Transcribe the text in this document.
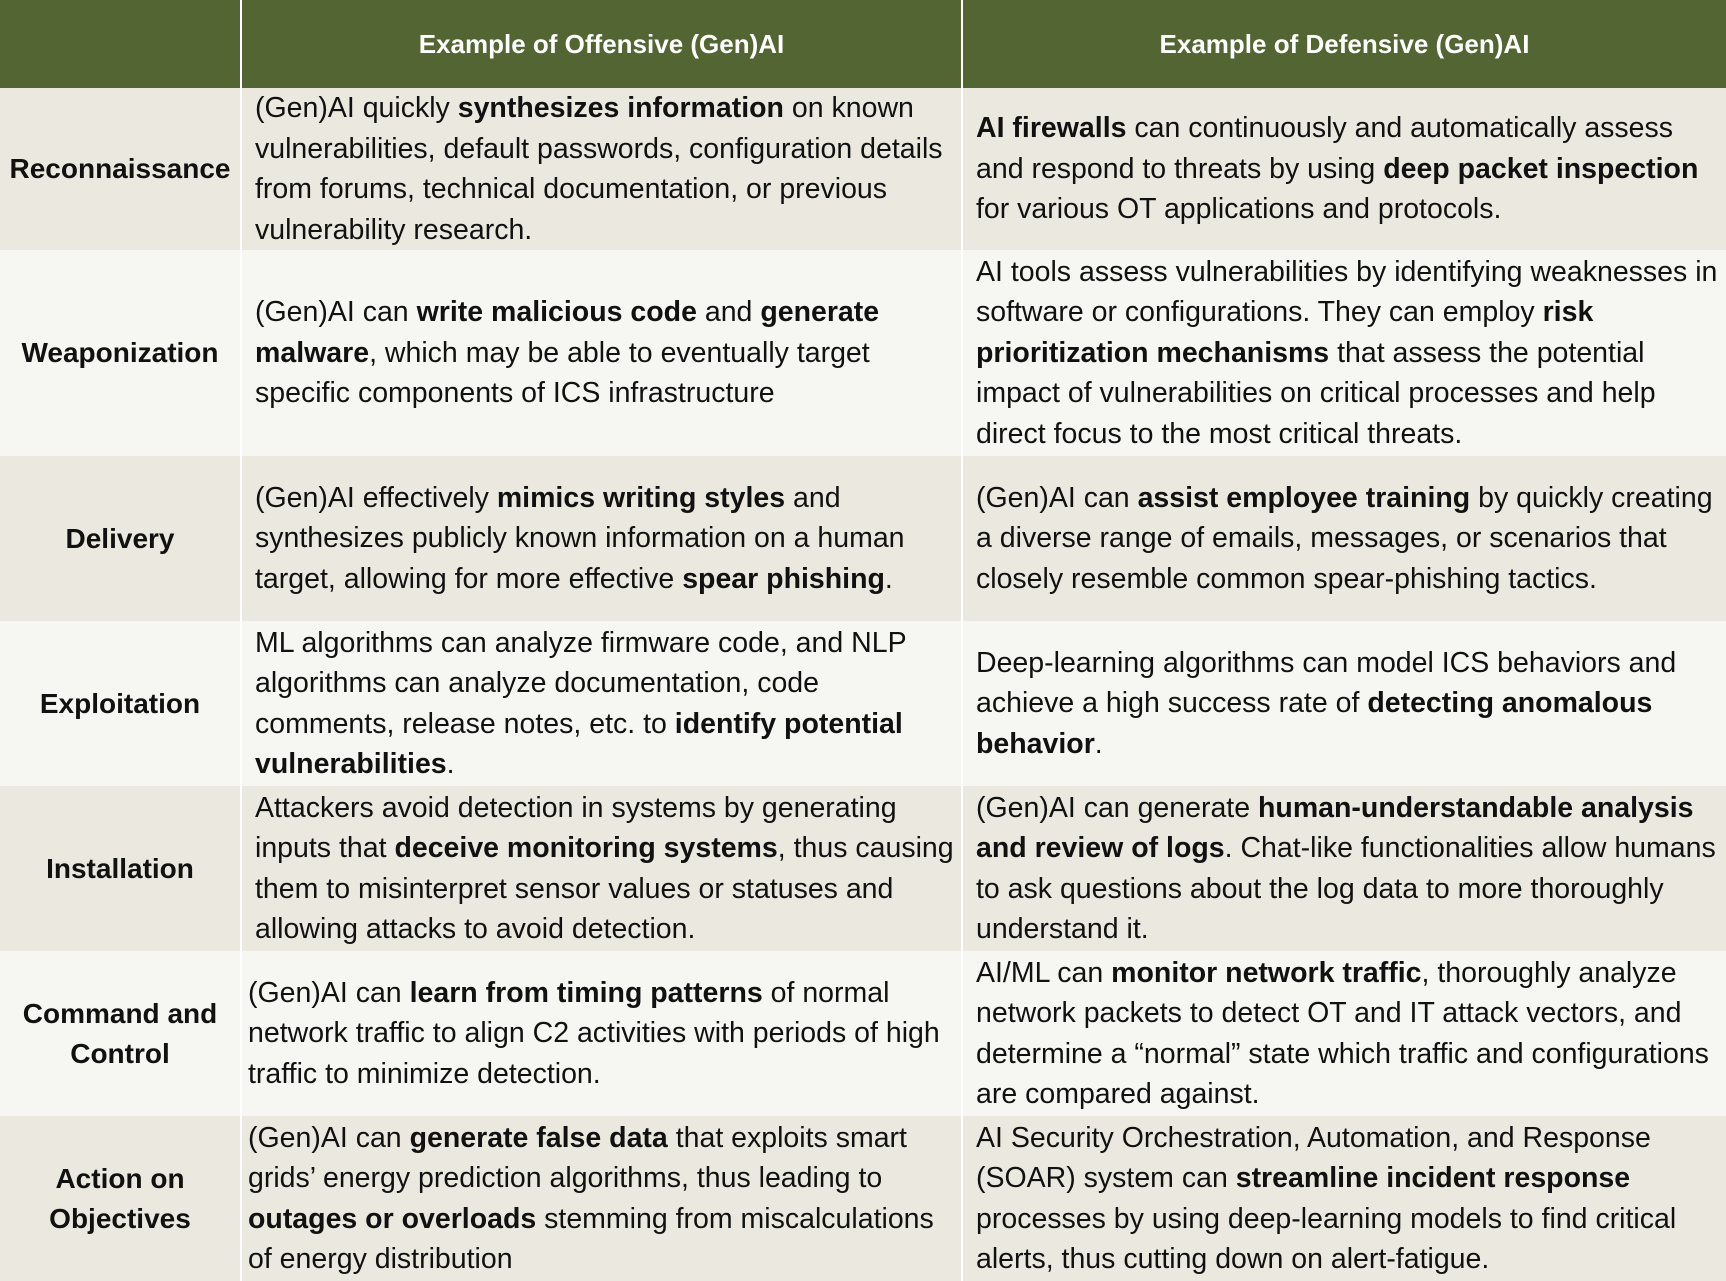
	Example of Offensive (Gen)AI	Example of Defensive (Gen)AI
Reconnaissance	(Gen)AI quickly synthesizes information on known vulnerabilities, default passwords, configuration details from forums, technical documentation, or previous vulnerability research.	AI firewalls can continuously and automatically assess and respond to threats by using deep packet inspection for various OT applications and protocols.
Weaponization	(Gen)AI can write malicious code and generate malware, which may be able to eventually target specific components of ICS infrastructure	AI tools assess vulnerabilities by identifying weaknesses in software or configurations. They can employ risk prioritization mechanisms that assess the potential impact of vulnerabilities on critical processes and help direct focus to the most critical threats.
Delivery	(Gen)AI effectively mimics writing styles and synthesizes publicly known information on a human target, allowing for more effective spear phishing.	(Gen)AI can assist employee training by quickly creating a diverse range of emails, messages, or scenarios that closely resemble common spear-phishing tactics.
Exploitation	ML algorithms can analyze firmware code, and NLP algorithms can analyze documentation, code comments, release notes, etc. to identify potential vulnerabilities.	Deep-learning algorithms can model ICS behaviors and achieve a high success rate of detecting anomalous behavior.
Installation	Attackers avoid detection in systems by generating inputs that deceive monitoring systems, thus causing them to misinterpret sensor values or statuses and allowing attacks to avoid detection.	(Gen)AI can generate human-understandable analysis and review of logs. Chat-like functionalities allow humans to ask questions about the log data to more thoroughly understand it.
Command and Control	(Gen)AI can learn from timing patterns of normal network traffic to align C2 activities with periods of high traffic to minimize detection.	AI/ML can monitor network traffic, thoroughly analyze network packets to detect OT and IT attack vectors, and determine a “normal” state which traffic and configurations are compared against.
Action on Objectives	(Gen)AI can generate false data that exploits smart grids’ energy prediction algorithms, thus leading to outages or overloads stemming from miscalculations of energy distribution	AI Security Orchestration, Automation, and Response (SOAR) system can streamline incident response processes by using deep-learning models to find critical alerts, thus cutting down on alert-fatigue.
